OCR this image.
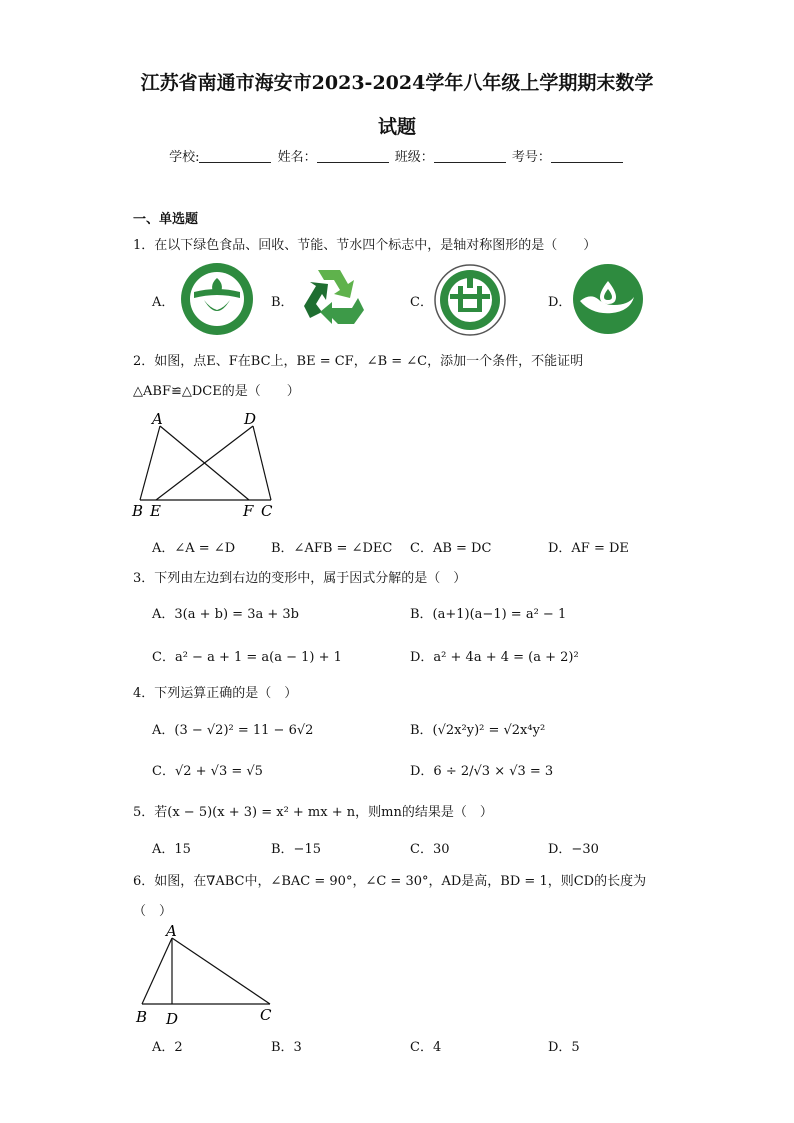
江苏省南通市海安市2023-2024学年八年级上学期期末数学
试题
学校:	姓名：	班级：	考号：
一、单选题
1．在以下绿色食品、回收、节能、节水四个标志中，是轴对称图形的是（　　）
A．	B．	C．	D．
2．如图，点E、F在BC上，BE = CF，∠B = ∠C，添加一个条件，不能证明
△ABF≌△DCE的是（　　）
A	D
B E	F C
A．∠A = ∠D	B．∠AFB = ∠DEC C．AB = DC	D．AF = DE
3．下列由左边到右边的变形中，属于因式分解的是（　）
A．3(a + b) = 3a + 3b	B．(a+1)(a−1) = a² − 1
C．a² − a + 1 = a(a − 1) + 1	D．a² + 4a + 4 = (a + 2)²
4．下列运算正确的是（　）
A．(3 − √2)² = 11 − 6√2	B．(√2x²y)² = √2x⁴y²
C．√2 + √3 = √5	D．6 ÷ 2/√3 × √3 = 3
5．若(x − 5)(x + 3) = x² + mx + n，则mn的结果是（　）
A．15	B．−15	C．30	D．−30
6．如图，在∇ABC中，∠BAC = 90°，∠C = 30°，AD是高，BD = 1，则CD的长度为
（　）
A
B D	C
A．2	B．3	C．4	D．5
